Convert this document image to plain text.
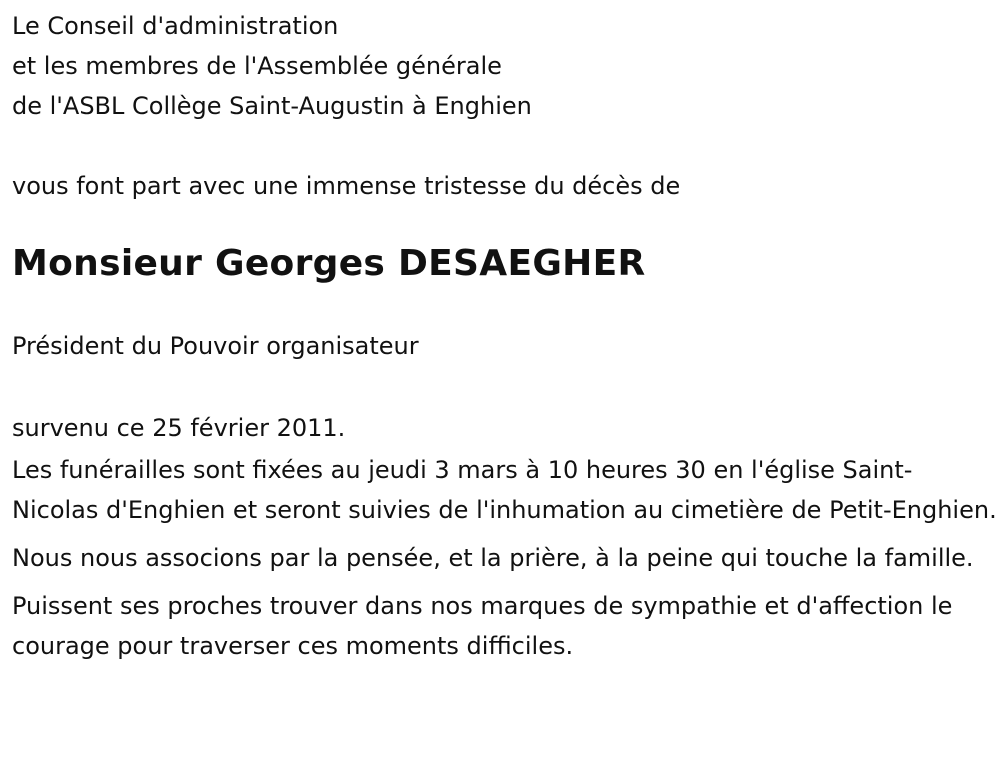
Le Conseil d'administration

et les membres de l'Assemblée générale

de l'ASBL Collège Saint-Augustin à Enghien

vous font part avec une immense tristesse du décès de

Monsieur Georges DESAEGHER

Président du Pouvoir organisateur

survenu ce 25 février 2011.

Les funérailles sont fixées au jeudi 3 mars à 10 heures 30 en l'église Saint-Nicolas d'Enghien et seront suivies de l'inhumation au cimetière de Petit-Enghien.

Nous nous associons par la pensée, et la prière, à la peine qui touche la famille.

Puissent ses proches trouver dans nos marques de sympathie et d'affection le courage pour traverser ces moments difficiles.
